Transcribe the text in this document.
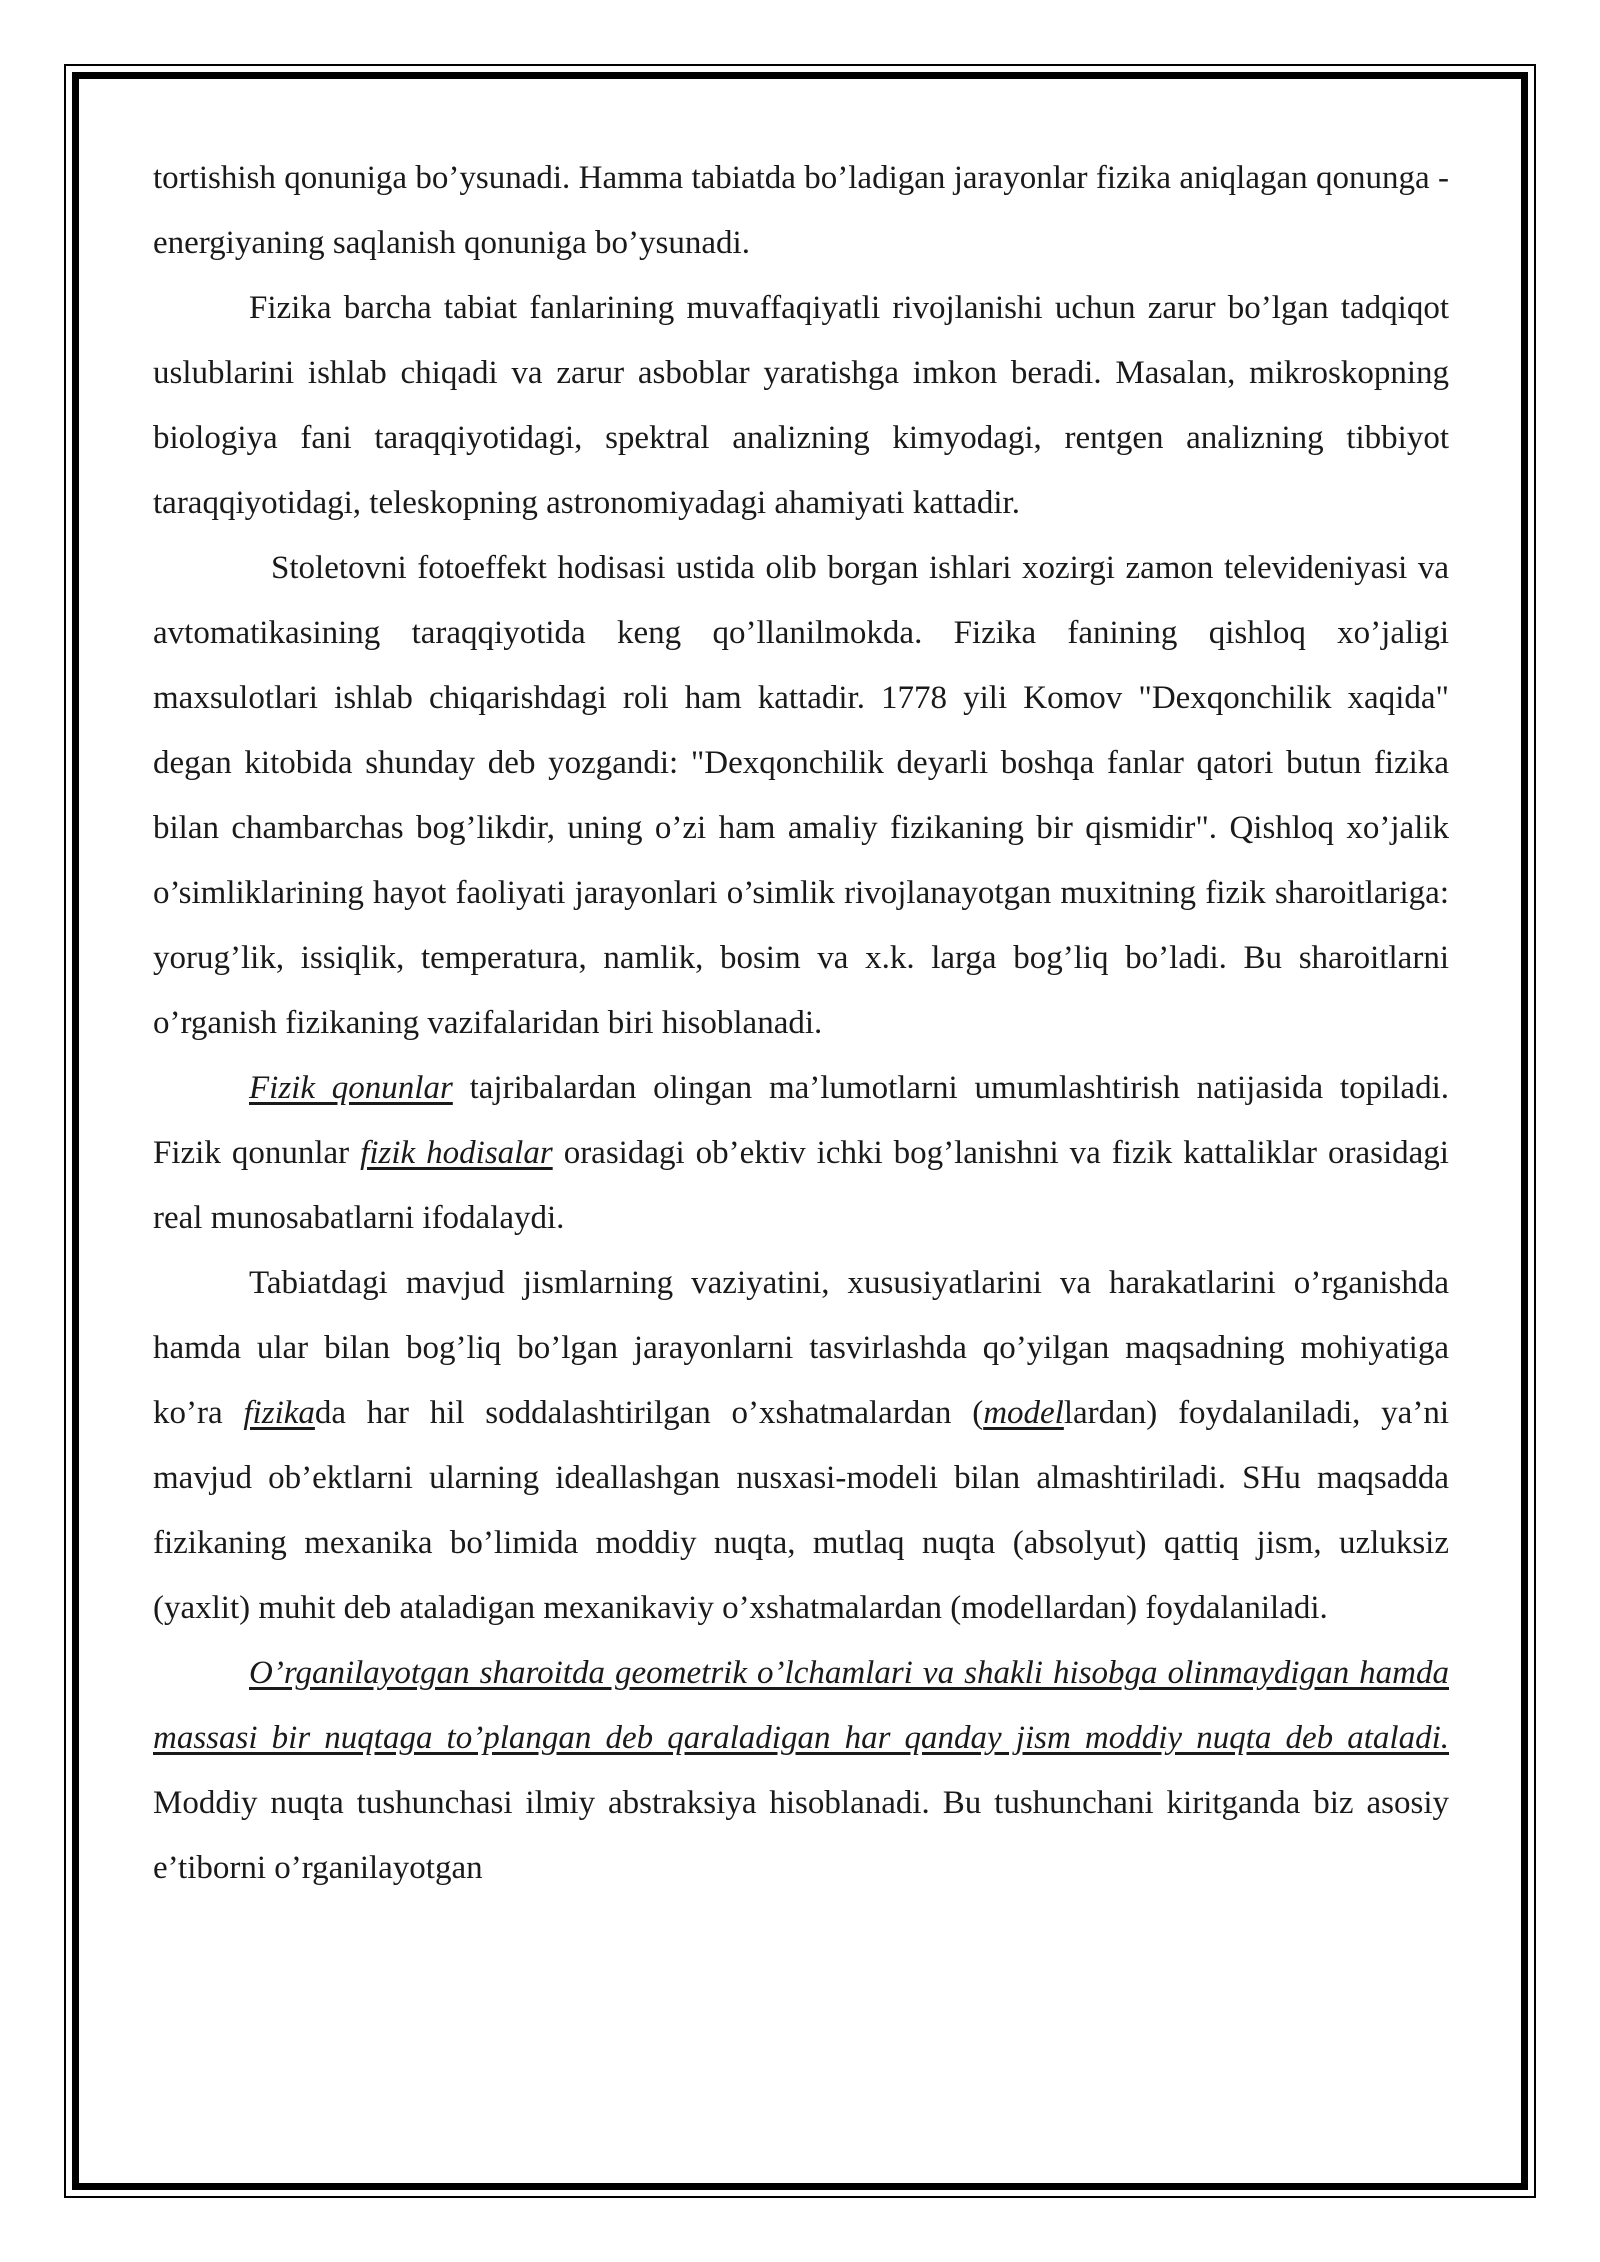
tortishish qonuniga bo’ysunadi. Hamma tabiatda bo’ladigan jarayonlar fizika aniqlagan qonunga - energiyaning saqlanish qonuniga bo’ysunadi.

Fizika barcha tabiat fanlarining muvaffaqiyatli rivojlanishi uchun zarur bo’lgan tadqiqot uslublarini ishlab chiqadi va zarur asboblar yaratishga imkon beradi. Masalan, mikroskopning biologiya fani taraqqiyotidagi, spektral analizning kimyodagi, rentgen analizning tibbiyot taraqqiyotidagi, teleskopning astronomiyadagi ahamiyati kattadir.

Stoletovni fotoeffekt hodisasi ustida olib borgan ishlari xozirgi zamon televideniyasi va avtomatikasining taraqqiyotida keng qo’llanilmokda. Fizika fanining qishloq xo’jaligi maxsulotlari ishlab chiqarishdagi roli ham kattadir. 1778 yili Komov "Dexqonchilik xaqida" degan kitobida shunday deb yozgandi: "Dexqonchilik deyarli boshqa fanlar qatori butun fizika bilan chambarchas bog’likdir, uning o’zi ham amaliy fizikaning bir qismidir". Qishloq xo’jalik o’simliklarining hayot faoliyati jarayonlari o’simlik rivojlanayotgan muxitning fizik sharoitlariga: yorug’lik, issiqlik, temperatura, namlik, bosim va x.k. larga bog’liq bo’ladi. Bu sharoitlarni o’rganish fizikaning vazifalaridan biri hisoblanadi.

Fizik qonunlar tajribalardan olingan ma’lumotlarni umumlashtirish natijasida topiladi. Fizik qonunlar fizik hodisalar orasidagi ob’ektiv ichki bog’lanishni va fizik kattaliklar orasidagi real munosabatlarni ifodalaydi.

Tabiatdagi mavjud jismlarning vaziyatini, xususiyatlarini va harakatlarini o’rganishda hamda ular bilan bog’liq bo’lgan jarayonlarni tasvirlashda qo’yilgan maqsadning mohiyatiga ko’ra fizikada har hil soddalashtirilgan o’xshatmalardan (modellardan) foydalaniladi, ya’ni mavjud ob’ektlarni ularning ideallashgan nusxasi-modeli bilan almashtiriladi. SHu maqsadda fizikaning mexanika bo’limida moddiy nuqta, mutlaq nuqta (absolyut) qattiq jism, uzluksiz (yaxlit) muhit deb ataladigan mexanikaviy o’xshatmalardan (modellardan) foydalaniladi.

O’rganilayotgan sharoitda geometrik o’lchamlari va shakli hisobga olinmaydigan hamda massasi bir nuqtaga to’plangan deb qaraladigan har qanday jism moddiy nuqta deb ataladi. Moddiy nuqta tushunchasi ilmiy abstraksiya hisoblanadi. Bu tushunchani kiritganda biz asosiy e’tiborni o’rganilayotgan
